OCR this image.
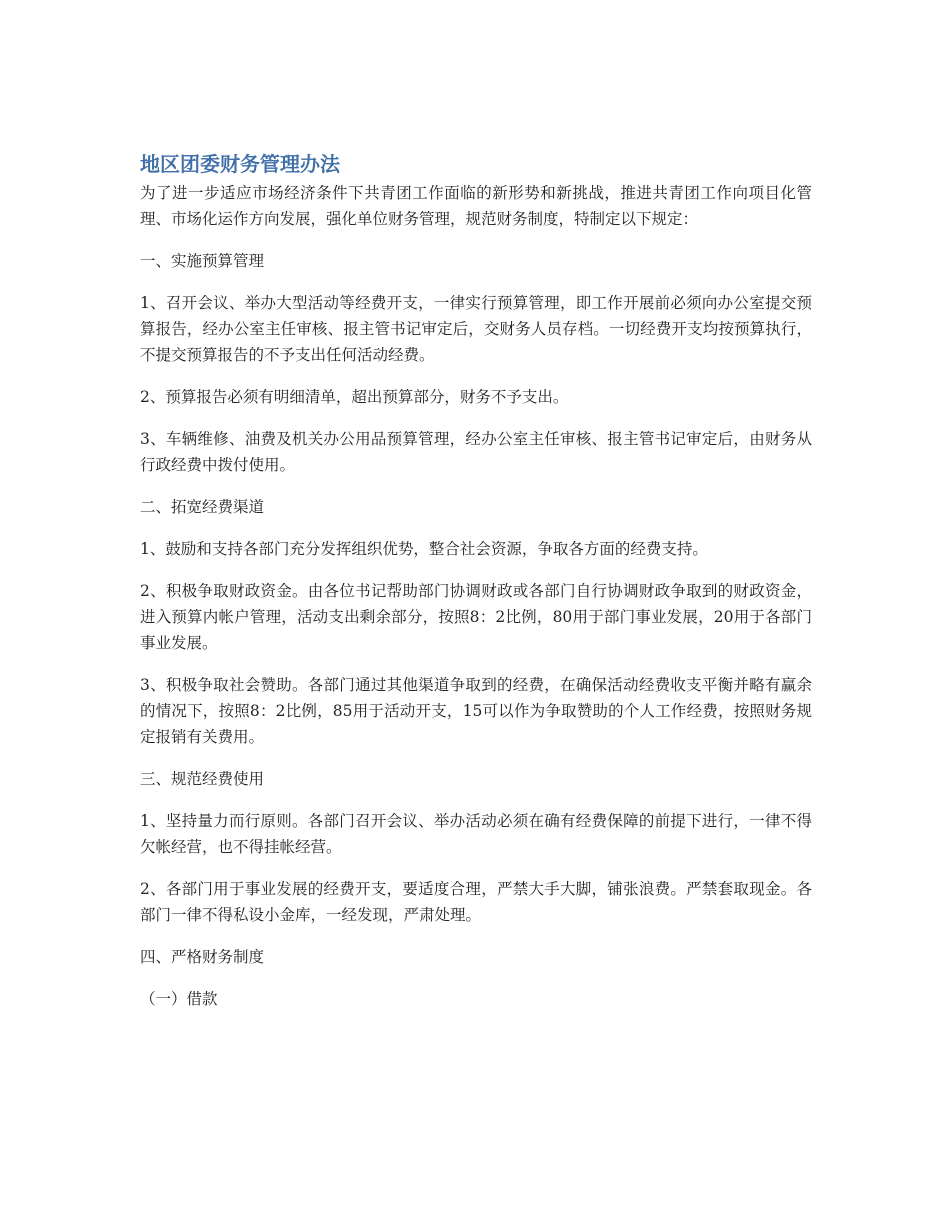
地区团委财务管理办法

为了进一步适应市场经济条件下共青团工作面临的新形势和新挑战，推进共青团工作向项目化管理、市场化运作方向发展，强化单位财务管理，规范财务制度，特制定以下规定：

一、实施预算管理

1、召开会议、举办大型活动等经费开支，一律实行预算管理，即工作开展前必须向办公室提交预算报告，经办公室主任审核、报主管书记审定后，交财务人员存档。一切经费开支均按预算执行，不提交预算报告的不予支出任何活动经费。

2、预算报告必须有明细清单，超出预算部分，财务不予支出。

3、车辆维修、油费及机关办公用品预算管理，经办公室主任审核、报主管书记审定后，由财务从行政经费中拨付使用。

二、拓宽经费渠道

1、鼓励和支持各部门充分发挥组织优势，整合社会资源，争取各方面的经费支持。

2、积极争取财政资金。由各位书记帮助部门协调财政或各部门自行协调财政争取到的财政资金，进入预算内帐户管理，活动支出剩余部分，按照8：2比例，80用于部门事业发展，20用于各部门事业发展。

3、积极争取社会赞助。各部门通过其他渠道争取到的经费，在确保活动经费收支平衡并略有赢余的情况下，按照8：2比例，85用于活动开支，15可以作为争取赞助的个人工作经费，按照财务规定报销有关费用。

三、规范经费使用

1、坚持量力而行原则。各部门召开会议、举办活动必须在确有经费保障的前提下进行，一律不得欠帐经营，也不得挂帐经营。

2、各部门用于事业发展的经费开支，要适度合理，严禁大手大脚，铺张浪费。严禁套取现金。各部门一律不得私设小金库，一经发现，严肃处理。

四、严格财务制度

（一）借款
